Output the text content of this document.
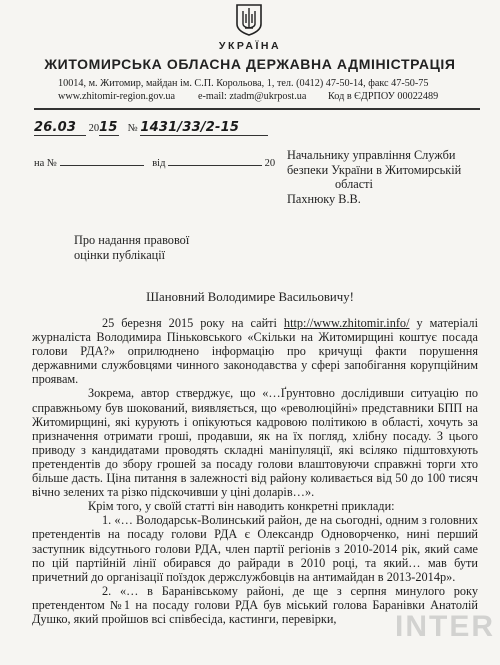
УКРАЇНА
ЖИТОМИРСЬКА ОБЛАСНА ДЕРЖАВНА АДМІНІСТРАЦІЯ
10014, м. Житомир, майдан ім. С.П. Корольова, 1, тел. (0412) 47-50-14, факс 47-50-75
www.zhitomir-region.gov.ua e-mail: ztadm@ukrpost.ua Код в ЄДРПОУ 00022489
26.03 2015 № 1431/33/2-15
на №	від	20
Начальнику управління Служби
безпеки України в Житомирській
області
Пахнюку В.В.
Про надання правової
оцінки публікації
Шановний Володимире Васильовичу!

25 березня 2015 року на сайті http://www.zhitomir.info/ у матеріалі журналіста Володимира Піньковського «Скільки на Житомирщині коштує посада голови РДА?» оприлюднено інформацію про кричущі факти порушення державними службовцями чинного законодавства у сфері запобігання корупційним проявам.

Зокрема, автор стверджує, що «…Ґрунтовно дослідивши ситуацію по справжньому був шокований, виявляється, що «революційні» представники БПП на Житомирщині, які курують і опікуються кадровою політикою в області, хочуть за призначення отримати гроші, продавши, як на їх погляд, хлібну посаду. З цього приводу з кандидатами проводять складні маніпуляції, які всіляко підштовхують претендентів до збору грошей за посаду голови влаштовуючи справжні торги хто більше дасть. Ціна питання в залежності від району коливається від 50 до 100 тисяч вічно зелених та різко підскочивши у ціні доларів…».

Крім того, у своїй статті він наводить конкретні приклади:

1. «… Володарськ-Волинський район, де на сьогодні, одним з головних претендентів на посаду голови РДА є Олександр Одноворченко, нині перший заступник відсутнього голови РДА, член партії регіонів з 2010-2014 рік, який саме по цій партійній лінії обирався до райради в 2010 році, та який… мав бути причетний до організації поїздок держслужбовців на антимайдан в 2013-2014р».

2. «… в Баранівському районі, де ще з серпня минулого року претендентом №1 на посаду голови РДА був міський голова Баранівки Анатолій Душко, який пройшов всі співбесіда, кастинги, перевірки,	INTER
